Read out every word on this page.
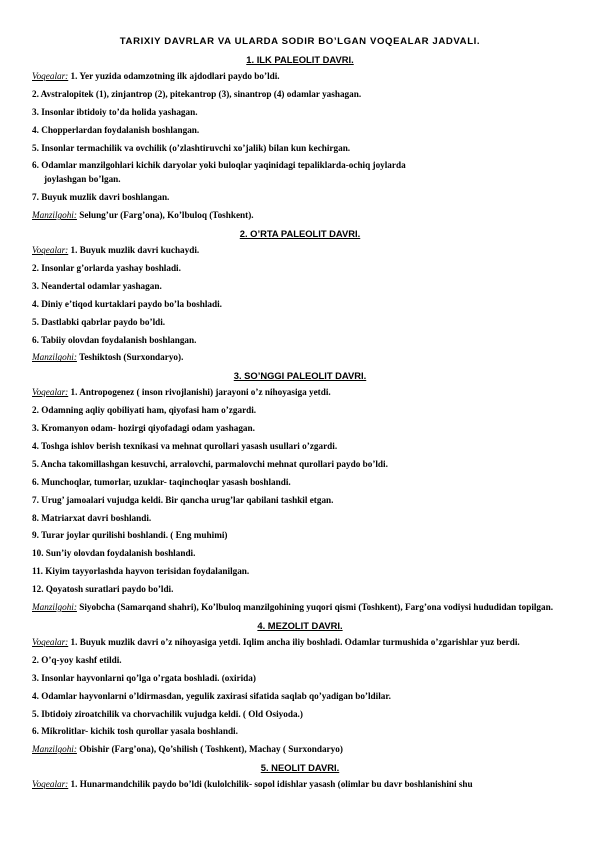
TARIXIY DAVRLAR VA ULARDA SODIR BO’LGAN VOQEALAR JADVALI.
1. ILK PALEOLIT DAVRI.
Voqealar: 1. Yer yuzida odamzotning ilk ajdodlari paydo bo’ldi.
2. Avstralopitek (1), zinjantrop (2), pitekantrop (3), sinantrop (4) odamlar yashagan.
3. Insonlar ibtidoiy to’da holida yashagan.
4. Chopperlardan foydalanish boshlangan.
5. Insonlar termachilik va ovchilik (o’zlashtiruvchi xo’jalik) bilan kun kechirgan.
6. Odamlar manzilgohlari kichik daryolar yoki buloqlar yaqinidagi tepaliklarda-ochiq joylarda
joylashgan bo’lgan.
7. Buyuk muzlik davri boshlangan.
Manzilgohi: Selung’ur (Farg’ona), Ko’lbuloq (Toshkent).
2. O’RTA PALEOLIT DAVRI.
Voqealar: 1. Buyuk muzlik davri kuchaydi.
2. Insonlar g’orlarda yashay boshladi.
3. Neandertal odamlar yashagan.
4. Diniy e’tiqod kurtaklari paydo bo’la boshladi.
5. Dastlabki qabrlar paydo bo’ldi.
6. Tabiiy olovdan foydalanish boshlangan.
Manzilgohi: Teshiktosh (Surxondaryo).
3. SO’NGGI PALEOLIT DAVRI.
Voqealar: 1. Antropogenez ( inson rivojlanishi) jarayoni o’z nihoyasiga yetdi.
2. Odamning aqliy qobiliyati ham, qiyofasi ham o’zgardi.
3. Kromanyon odam- hozirgi qiyofadagi odam yashagan.
4. Toshga ishlov berish texnikasi va mehnat qurollari yasash usullari o’zgardi.
5. Ancha takomillashgan kesuvchi, arralovchi, parmalovchi mehnat qurollari paydo bo’ldi.
6. Munchoqlar, tumorlar, uzuklar- taqinchoqlar yasash boshlandi.
7. Urug’ jamoalari vujudga keldi. Bir qancha urug’lar qabilani tashkil etgan.
8. Matriarxat davri boshlandi.
9. Turar joylar qurilishi boshlandi. ( Eng muhimi)
10. Sun’iy olovdan foydalanish boshlandi.
11. Kiyim tayyorlashda hayvon terisidan foydalanilgan.
12. Qoyatosh suratlari paydo bo’ldi.
Manzilgohi: Siyobcha (Samarqand shahri), Ko’lbuloq manzilgohining yuqori qismi (Toshkent), Farg’ona vodiysi hududidan topilgan.
4. MEZOLIT DAVRI.
Voqealar: 1. Buyuk muzlik davri o’z nihoyasiga yetdi. Iqlim ancha iliy boshladi. Odamlar turmushida o’zgarishlar yuz berdi.
2. O’q-yoy kashf etildi.
3. Insonlar hayvonlarni qo’lga o’rgata boshladi. (oxirida)
4. Odamlar hayvonlarni o’ldirmasdan, yegulik zaxirasi sifatida saqlab qo’yadigan bo’ldilar.
5. Ibtidoiy ziroatchilik va chorvachilik vujudga keldi. ( Old Osiyoda.)
6. Mikrolitlar- kichik tosh qurollar yasala boshlandi.
Manzilgohi: Obishir (Farg’ona), Qo’shilish ( Toshkent), Machay ( Surxondaryo)
5. NEOLIT DAVRI.
Voqealar: 1. Hunarmandchilik paydo bo’ldi (kulolchilik- sopol idishlar yasash (olimlar bu davr boshlanishini shu
